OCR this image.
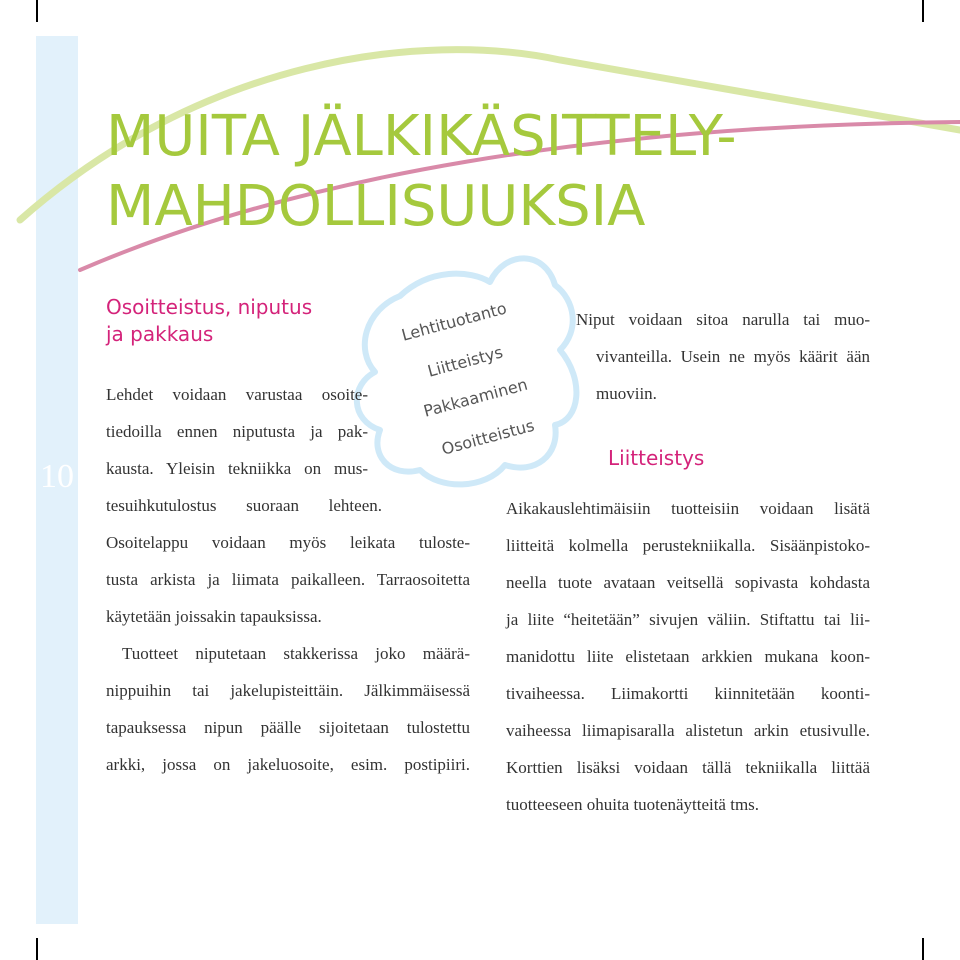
10
MUITA JÄLKIKÄSITTELY-
MAHDOLLISUUKSIA
Osoitteistus, niputus
ja pakkaus	Lehtituotanto
Liitteistys
Pakkaaminen
Osoitteistus
Lehdet voidaan varustaa osoite-
tiedoilla ennen niputusta ja pak-
kausta. Yleisin tekniikka on mus-
tesuihkutulostus suoraan lehteen.
Osoitelappu voidaan myös leikata tuloste-
tusta arkista ja liimata paikalleen. Tarraosoitetta
käytetään joissakin tapauksissa.
Tuotteet niputetaan stakkerissa joko määrä-
nippuihin tai jakelupisteittäin. Jälkimmäisessä
tapauksessa nipun päälle sijoitetaan tulostettu
arkki, jossa on jakeluosoite, esim. postipiiri.
Niput voidaan sitoa narulla tai muo-
vivanteilla. Usein ne myös käärit ään
muoviin.
Liitteistys
Aikakauslehtimäisiin tuotteisiin voidaan lisätä
liitteitä kolmella perustekniikalla. Sisäänpistoko-
neella tuote avataan veitsellä sopivasta kohdasta
ja liite “heitetään” sivujen väliin. Stiftattu tai lii-
manidottu liite elistetaan arkkien mukana koon-
tivaiheessa. Liimakortti kiinnitetään koonti-
vaiheessa liimapisaralla alistetun arkin etusivulle.
Korttien lisäksi voidaan tällä tekniikalla liittää
tuotteeseen ohuita tuotenäytteitä tms.
